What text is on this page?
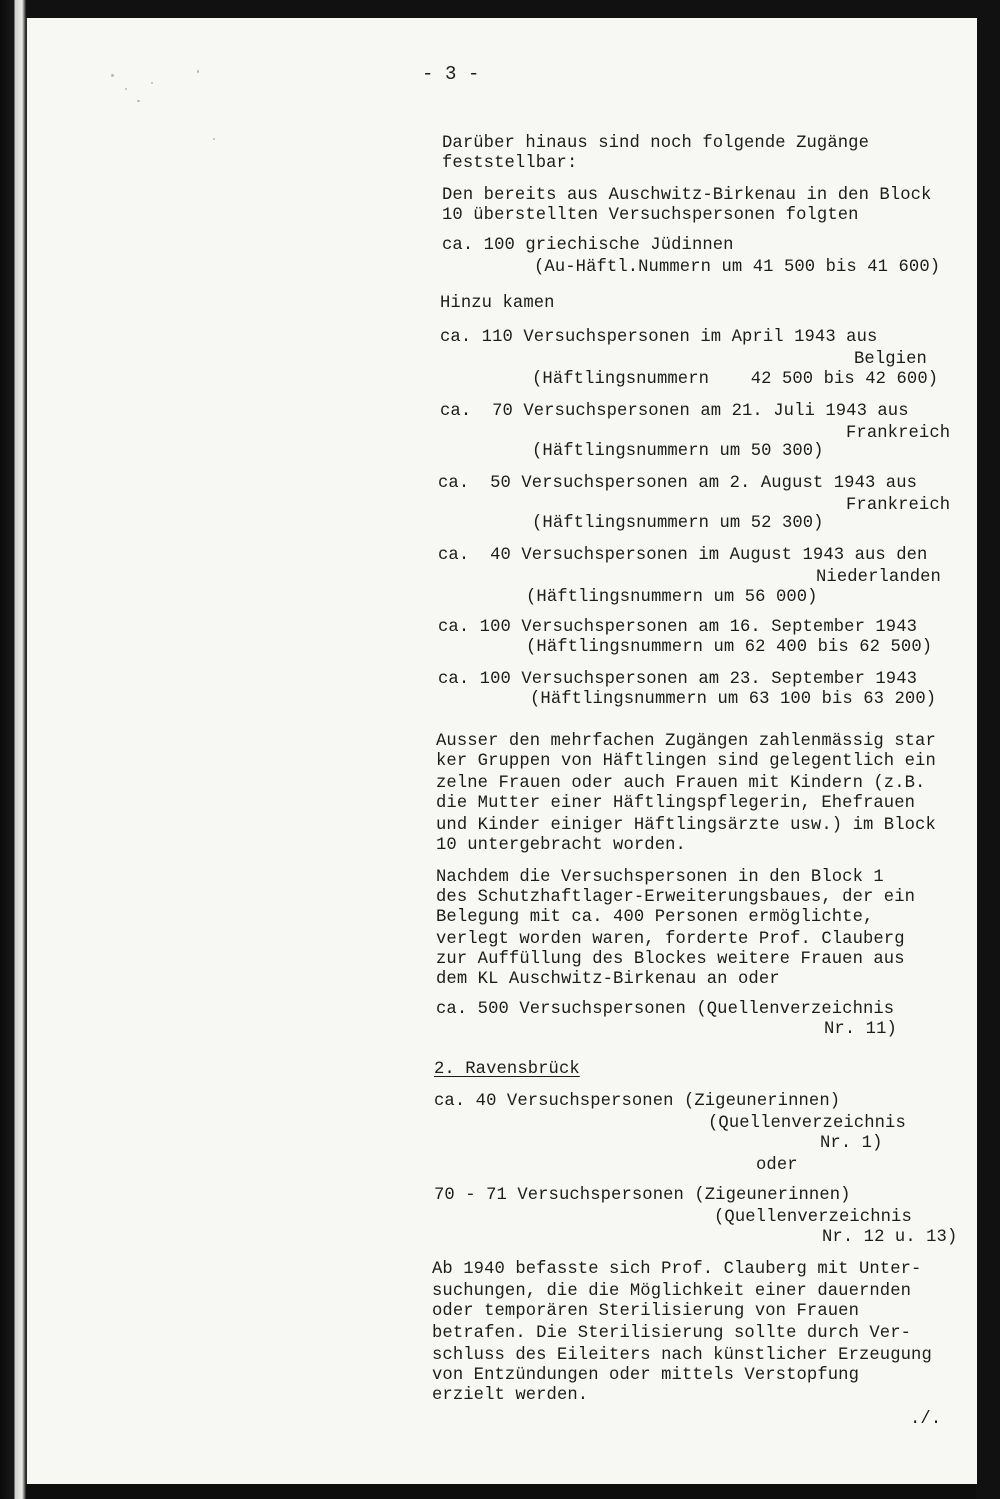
- 3 -
Darüber hinaus sind noch folgende Zugänge
feststellbar:
Den bereits aus Auschwitz-Birkenau in den Block
10 überstellten Versuchspersonen folgten
ca. 100 griechische Jüdinnen
(Au-Häftl.Nummern um 41 500 bis 41 600)
Hinzu kamen
ca. 110 Versuchspersonen im April 1943 aus
Belgien
(Häftlingsnummern    42 500 bis 42 600)
ca.  70 Versuchspersonen am 21. Juli 1943 aus
Frankreich
(Häftlingsnummern um 50 300)
ca.  50 Versuchspersonen am 2. August 1943 aus
Frankreich
(Häftlingsnummern um 52 300)
ca.  40 Versuchspersonen im August 1943 aus den
Niederlanden
(Häftlingsnummern um 56 000)
ca. 100 Versuchspersonen am 16. September 1943
(Häftlingsnummern um 62 400 bis 62 500)
ca. 100 Versuchspersonen am 23. September 1943
(Häftlingsnummern um 63 100 bis 63 200)
Ausser den mehrfachen Zugängen zahlenmässig star
ker Gruppen von Häftlingen sind gelegentlich ein
zelne Frauen oder auch Frauen mit Kindern (z.B.
die Mutter einer Häftlingspflegerin, Ehefrauen
und Kinder einiger Häftlingsärzte usw.) im Block
10 untergebracht worden.
Nachdem die Versuchspersonen in den Block 1
des Schutzhaftlager-Erweiterungsbaues, der ein
Belegung mit ca. 400 Personen ermöglichte,
verlegt worden waren, forderte Prof. Clauberg
zur Auffüllung des Blockes weitere Frauen aus
dem KL Auschwitz-Birkenau an oder
ca. 500 Versuchspersonen (Quellenverzeichnis
Nr. 11)
2. Ravensbrück
ca. 40 Versuchspersonen (Zigeunerinnen)
(Quellenverzeichnis
Nr. 1)
oder
70 - 71 Versuchspersonen (Zigeunerinnen)
(Quellenverzeichnis
Nr. 12 u. 13)
Ab 1940 befasste sich Prof. Clauberg mit Unter-
suchungen, die die Möglichkeit einer dauernden
oder temporären Sterilisierung von Frauen
betrafen. Die Sterilisierung sollte durch Ver-
schluss des Eileiters nach künstlicher Erzeugung
von Entzündungen oder mittels Verstopfung
erzielt werden.
./.
